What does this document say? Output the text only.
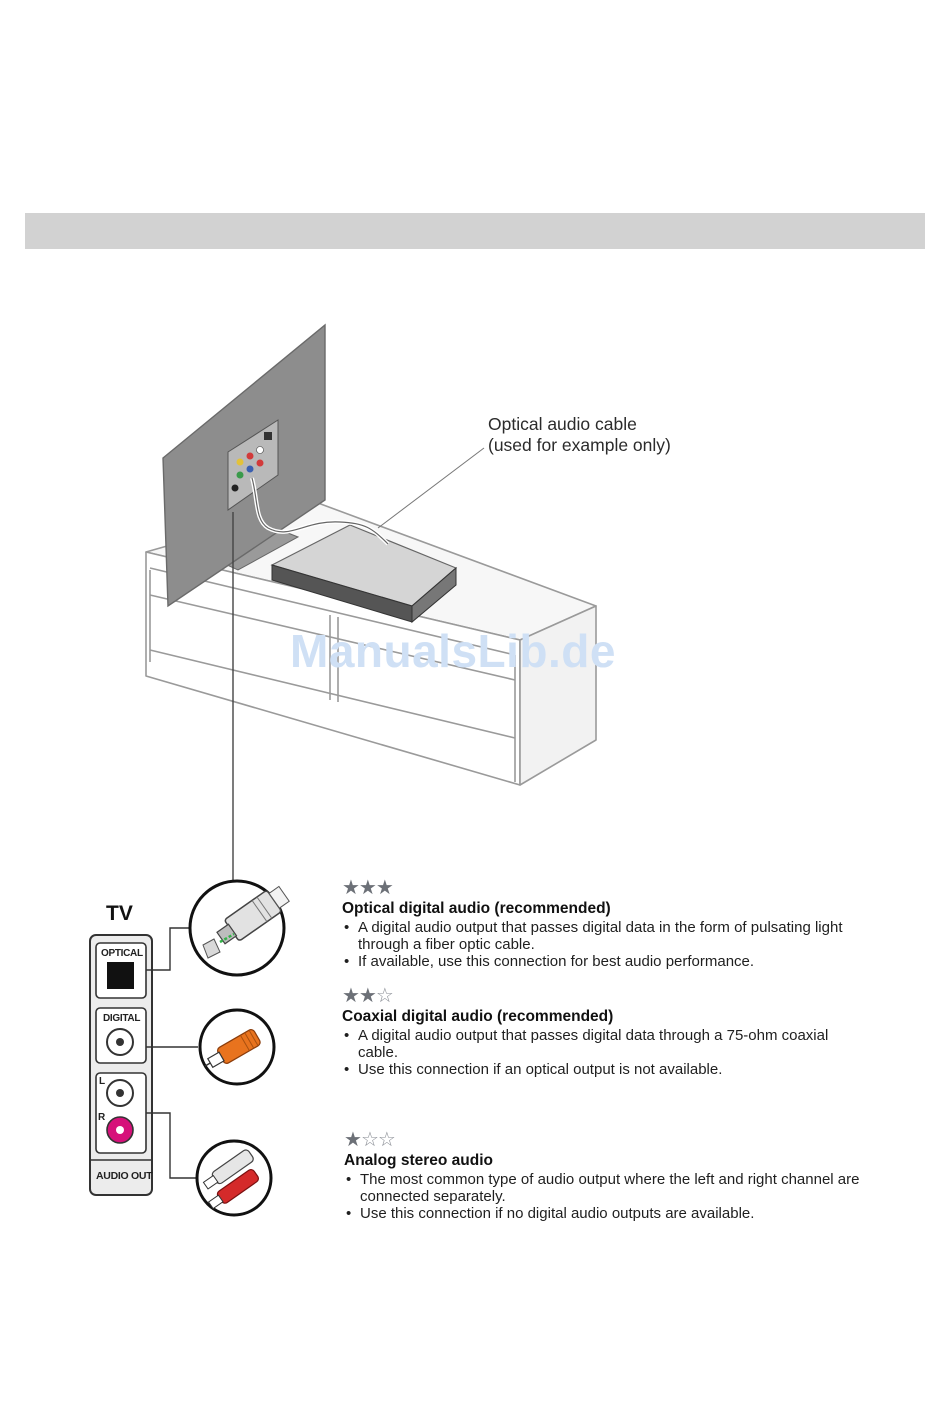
Optical audio cable
(used for example only)
ManualsLib.de
TV
OPTICAL
DIGITAL
L
R
AUDIO OUT
★★★
Optical digital audio (recommended)
• A digital audio output that passes digital data in the form of pulsating light through a fiber optic cable.
• If available, use this connection for best audio performance.
★★☆
Coaxial digital audio (recommended)
• A digital audio output that passes digital data through a 75-ohm coaxial cable.
• Use this connection if an optical output is not available.
★☆☆
Analog stereo audio
• The most common type of audio output where the left and right channel are connected separately.
• Use this connection if no digital audio outputs are available.
